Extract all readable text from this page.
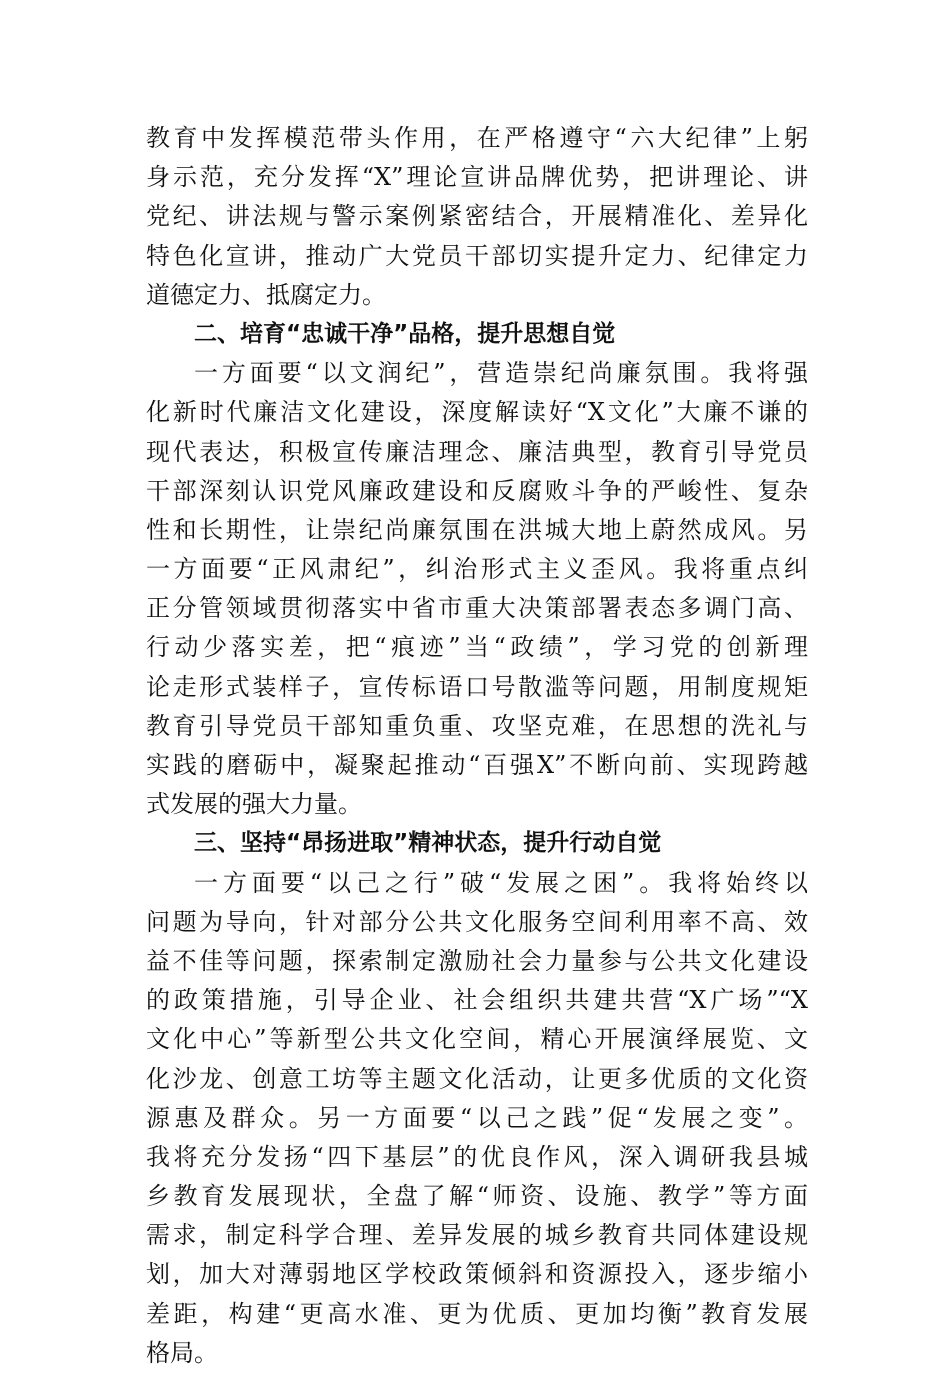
教育中发挥模范带头作用，在严格遵守“六大纪律”上躬
身示范，充分发挥“X”理论宣讲品牌优势，把讲理论、讲
党纪、讲法规与警示案例紧密结合，开展精准化、差异化
特色化宣讲，推动广大党员干部切实提升定力、纪律定力
道德定力、抵腐定力。
二、培育“忠诚干净”品格，提升思想自觉
一方面要“以文润纪”，营造崇纪尚廉氛围。我将强
化新时代廉洁文化建设，深度解读好“X文化”大廉不谦的
现代表达，积极宣传廉洁理念、廉洁典型，教育引导党员
干部深刻认识党风廉政建设和反腐败斗争的严峻性、复杂
性和长期性，让崇纪尚廉氛围在洪城大地上蔚然成风。另
一方面要“正风肃纪”，纠治形式主义歪风。我将重点纠
正分管领域贯彻落实中省市重大决策部署表态多调门高、
行动少落实差，把“痕迹”当“政绩”，学习党的创新理
论走形式装样子，宣传标语口号散滥等问题，用制度规矩
教育引导党员干部知重负重、攻坚克难，在思想的洗礼与
实践的磨砺中，凝聚起推动“百强X”不断向前、实现跨越
式发展的强大力量。
三、坚持“昂扬进取”精神状态，提升行动自觉
一方面要“以己之行”破“发展之困”。我将始终以
问题为导向，针对部分公共文化服务空间利用率不高、效
益不佳等问题，探索制定激励社会力量参与公共文化建设
的政策措施，引导企业、社会组织共建共营“X广场”“X
文化中心”等新型公共文化空间，精心开展演绎展览、文
化沙龙、创意工坊等主题文化活动，让更多优质的文化资
源惠及群众。另一方面要“以己之践”促“发展之变”。
我将充分发扬“四下基层”的优良作风，深入调研我县城
乡教育发展现状，全盘了解“师资、设施、教学”等方面
需求，制定科学合理、差异发展的城乡教育共同体建设规
划，加大对薄弱地区学校政策倾斜和资源投入，逐步缩小
差距，构建“更高水准、更为优质、更加均衡”教育发展
格局。
